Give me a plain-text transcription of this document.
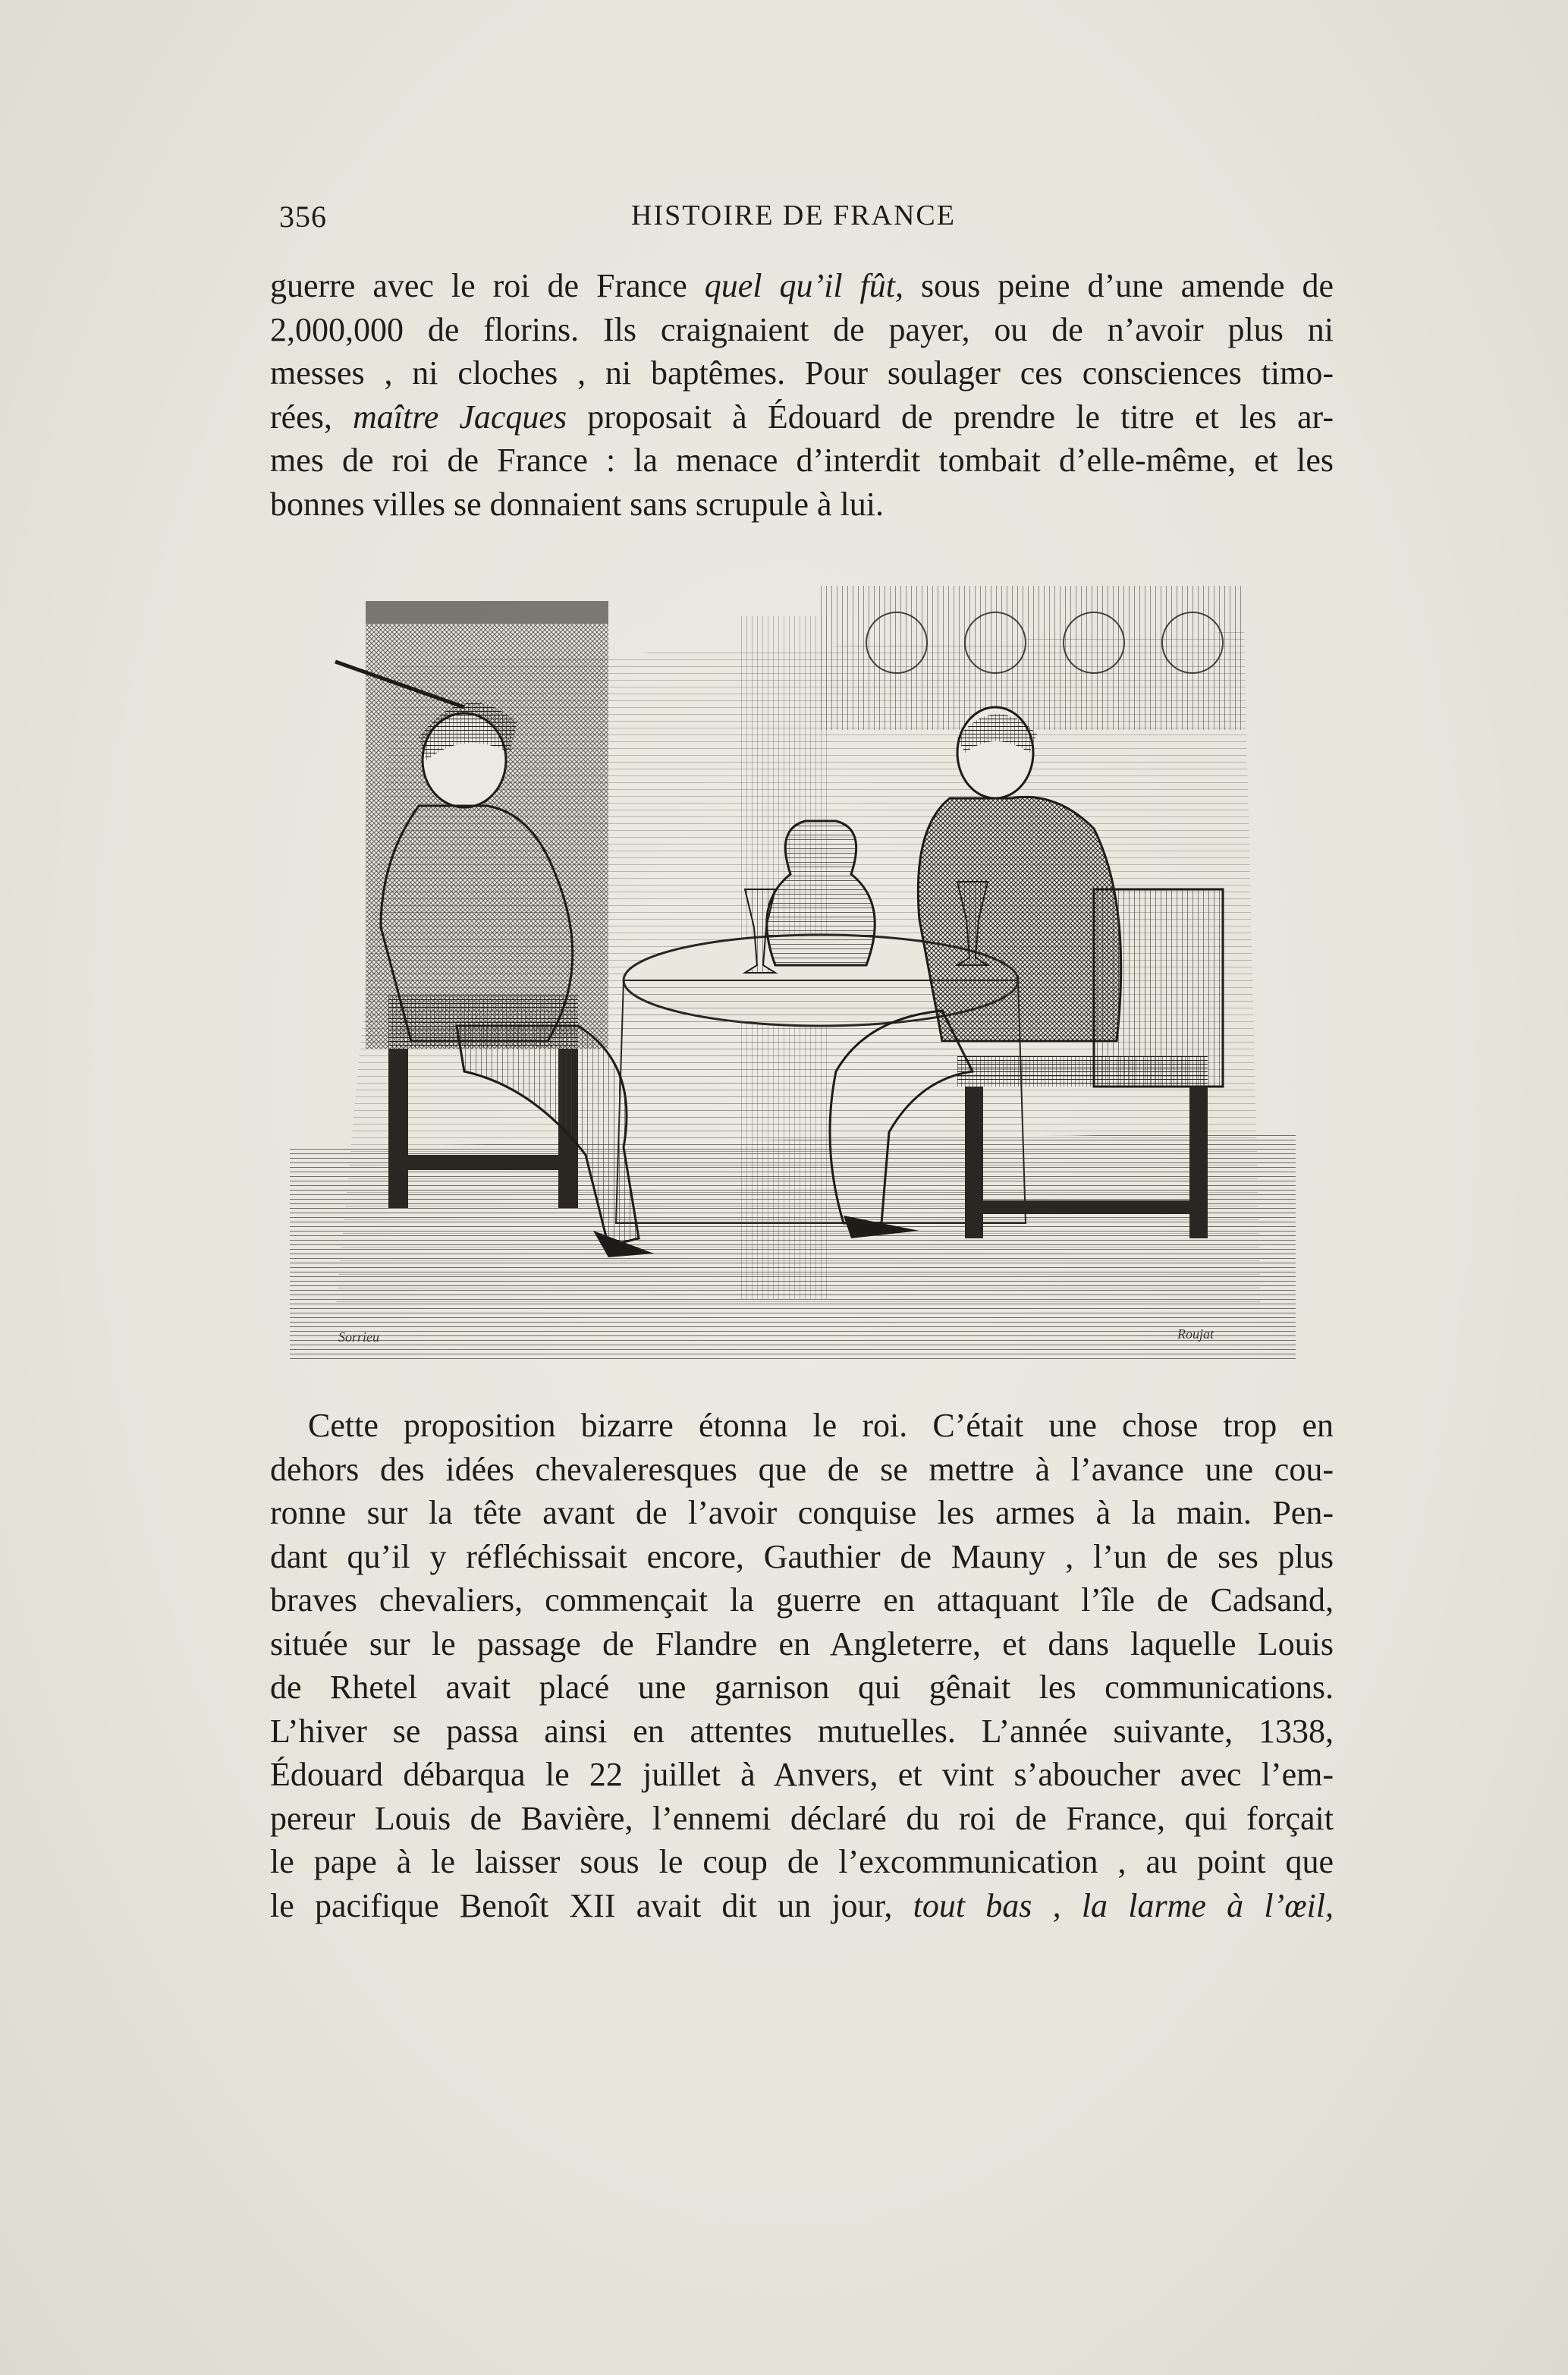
356	HISTOIRE DE FRANCE
guerre avec le roi de France quel qu’il fût, sous peine d’une amende de
2,000,000 de florins. Ils craignaient de payer, ou de n’avoir plus ni
messes , ni cloches , ni baptêmes. Pour soulager ces consciences timo-
rées, maître Jacques proposait à Édouard de prendre le titre et les ar-
mes de roi de France : la menace d’interdit tombait d’elle-même, et les
bonnes villes se donnaient sans scrupule à lui.
Sorrieu	Roujat
Cette proposition bizarre étonna le roi. C’était une chose trop en
dehors des idées chevaleresques que de se mettre à l’avance une cou-
ronne sur la tête avant de l’avoir conquise les armes à la main. Pen-
dant qu’il y réfléchissait encore, Gauthier de Mauny , l’un de ses plus
braves chevaliers, commençait la guerre en attaquant l’île de Cadsand,
située sur le passage de Flandre en Angleterre, et dans laquelle Louis
de Rhetel avait placé une garnison qui gênait les communications.
L’hiver se passa ainsi en attentes mutuelles. L’année suivante, 1338,
Édouard débarqua le 22 juillet à Anvers, et vint s’aboucher avec l’em-
pereur Louis de Bavière, l’ennemi déclaré du roi de France, qui forçait
le pape à le laisser sous le coup de l’excommunication , au point que
le pacifique Benoît XII avait dit un jour, tout bas , la larme à l’œil,
